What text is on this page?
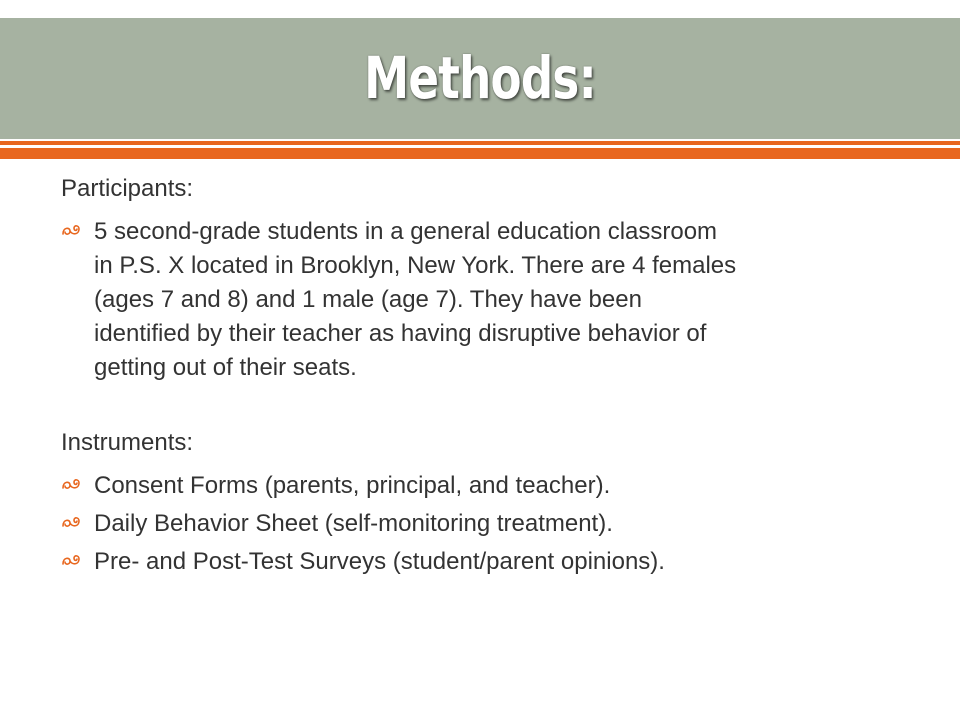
Methods:
Participants:
5 second-grade students in a general education classroom
in P.S. X located in Brooklyn, New York. There are 4 females
(ages 7 and 8) and 1 male (age 7). They have been
identified by their teacher as having disruptive behavior of
getting out of their seats.
Instruments:
Consent Forms (parents, principal, and teacher).
Daily Behavior Sheet (self-monitoring treatment).
Pre- and Post-Test Surveys (student/parent opinions).
